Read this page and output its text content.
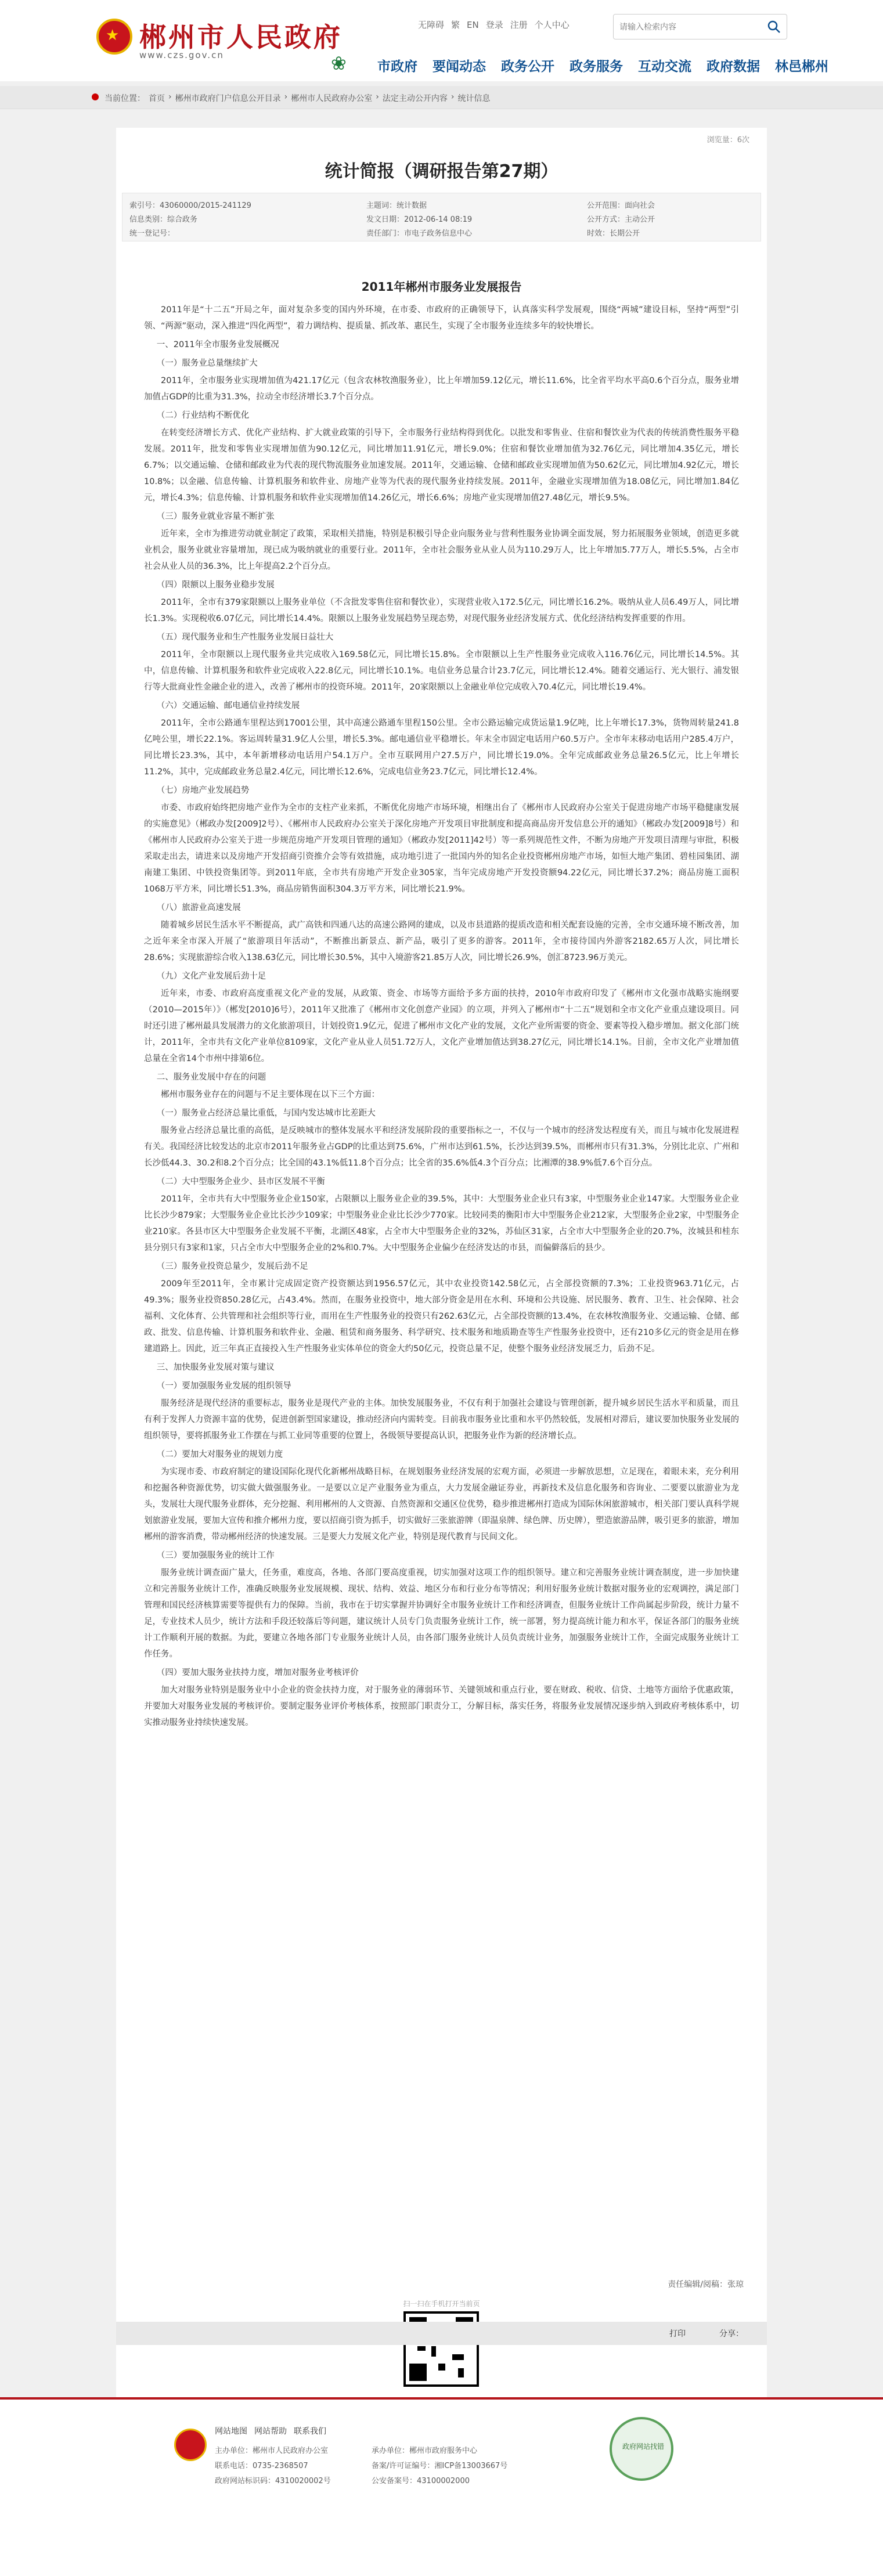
★ 郴州市人民政府
www.czs.gov.cn
无障碍 繁 EN 登录 注册 个人中心
请输入检索内容
❀ 市政府 要闻动态 政务公开 政务服务 互动交流 政府数据 林邑郴州
当前位置： 首页 › 郴州市政府门户信息公开目录 › 郴州市人民政府办公室 › 法定主动公开内容 › 统计信息
浏览量：6次
统计简报（调研报告第27期）
索引号：43060000/2015-241129	主题词：统计数据	公开范围：面向社会
信息类别：综合政务	发文日期：2012-06-14 08:19	公开方式：主动公开
统一登记号：	责任部门：市电子政务信息中心	时效：长期公开
2011年郴州市服务业发展报告

2011年是“十二五”开局之年，面对复杂多变的国内外环境，在市委、市政府的正确领导下，认真落实科学发展观，围绕“两城”建设目标，坚持“两型”引领、“两源”驱动，深入推进“四化两型”，着力调结构、提质量、抓改革、惠民生，实现了全市服务业连续多年的较快增长。

一、2011年全市服务业发展概况

（一）服务业总量继续扩大

2011年，全市服务业实现增加值为421.17亿元（包含农林牧渔服务业），比上年增加59.12亿元，增长11.6%，比全省平均水平高0.6个百分点，服务业增加值占GDP的比重为31.3%，拉动全市经济增长3.7个百分点。

（二）行业结构不断优化

在转变经济增长方式、优化产业结构、扩大就业政策的引导下，全市服务行业结构得到优化。以批发和零售业、住宿和餐饮业为代表的传统消费性服务平稳发展。2011年，批发和零售业实现增加值为90.12亿元，同比增加11.91亿元，增长9.0%；住宿和餐饮业增加值为32.76亿元，同比增加4.35亿元，增长6.7%；以交通运输、仓储和邮政业为代表的现代物流服务业加速发展。2011年，交通运输、仓储和邮政业实现增加值为50.62亿元，同比增加4.92亿元，增长10.8%；以金融、信息传输、计算机服务和软件业、房地产业等为代表的现代服务业持续发展。2011年，金融业实现增加值为18.08亿元，同比增加1.84亿元，增长4.3%；信息传输、计算机服务和软件业实现增加值14.26亿元，增长6.6%；房地产业实现增加值27.48亿元，增长9.5%。

（三）服务业就业容量不断扩张

近年来，全市为推进劳动就业制定了政策，采取相关措施，特别是积极引导企业向服务业与营利性服务业协调全面发展，努力拓展服务业领域，创造更多就业机会，服务业就业容量增加，现已成为吸纳就业的重要行业。2011年，全市社会服务业从业人员为110.29万人，比上年增加5.77万人，增长5.5%，占全市社会从业人员的36.3%，比上年提高2.2个百分点。

（四）限额以上服务业稳步发展

2011年，全市有379家限额以上服务业单位（不含批发零售住宿和餐饮业），实现营业收入172.5亿元，同比增长16.2%。吸纳从业人员6.49万人，同比增长1.3%。实现税收6.07亿元，同比增长14.4%。限额以上服务业发展趋势呈现态势，对现代服务业经济发展方式、优化经济结构发挥重要的作用。

（五）现代服务业和生产性服务业发展日益壮大

2011年，全市限额以上现代服务业共完成收入169.58亿元，同比增长15.8%。全市限额以上生产性服务业完成收入116.76亿元，同比增长14.5%。其中，信息传输、计算机服务和软件业完成收入22.8亿元，同比增长10.1%。电信业务总量合计23.7亿元，同比增长12.4%。随着交通运行、光大银行、浦发银行等大批商业性金融企业的进入，改善了郴州市的投资环境。2011年，20家限额以上金融业单位完成收入70.4亿元，同比增长19.4%。

（六）交通运输、邮电通信业持续发展

2011年，全市公路通车里程达到17001公里，其中高速公路通车里程150公里。全市公路运输完成货运量1.9亿吨，比上年增长17.3%，货物周转量241.8亿吨公里，增长22.1%。客运周转量31.9亿人公里，增长5.3%。邮电通信业平稳增长。年末全市固定电话用户60.5万户。全市年末移动电话用户285.4万户，同比增长23.3%，其中，本年新增移动电话用户54.1万户。全市互联网用户27.5万户，同比增长19.0%。全年完成邮政业务总量26.5亿元，比上年增长11.2%，其中，完成邮政业务总量2.4亿元，同比增长12.6%，完成电信业务23.7亿元，同比增长12.4%。

（七）房地产业发展趋势

市委、市政府始终把房地产业作为全市的支柱产业来抓，不断优化房地产市场环境，相继出台了《郴州市人民政府办公室关于促进房地产市场平稳健康发展的实施意见》（郴政办发[2009]2号）、《郴州市人民政府办公室关于深化房地产开发项目审批制度和提高商品房开发信息公开的通知》（郴政办发[2009]8号）和《郴州市人民政府办公室关于进一步规范房地产开发项目管理的通知》（郴政办发[2011]42号）等一系列规范性文件，不断为房地产开发项目清理与审批，积极采取走出去，请进来以及房地产开发招商引资推介会等有效措施，成功地引进了一批国内外的知名企业投资郴州房地产市场，如恒大地产集团、碧桂园集团、湖南建工集团、中铁投资集团等。到2011年底，全市共有房地产开发企业305家，当年完成房地产开发投资额94.22亿元，同比增长37.2%；商品房施工面积1068万平方米，同比增长51.3%，商品房销售面积304.3万平方米，同比增长21.9%。

（八）旅游业高速发展

随着城乡居民生活水平不断提高，武广高铁和四通八达的高速公路网的建成，以及市县道路的提质改造和相关配套设施的完善，全市交通环境不断改善，加之近年来全市深入开展了“旅游项目年活动”，不断推出新景点、新产品，吸引了更多的游客。2011年，全市接待国内外游客2182.65万人次，同比增长28.6%；实现旅游综合收入138.63亿元，同比增长30.5%，其中入境游客21.85万人次，同比增长26.9%，创汇8723.96万美元。

（九）文化产业发展后劲十足

近年来，市委、市政府高度重视文化产业的发展，从政策、资金、市场等方面给予多方面的扶持，2010年市政府印发了《郴州市文化强市战略实施纲要（2010—2015年）》（郴发[2010]6号），2011年又批准了《郴州市文化创意产业园》的立项，并列入了郴州市“十二五”规划和全市文化产业重点建设项目。同时还引进了郴州最具发展潜力的文化旅游项目，计划投资1.9亿元，促进了郴州市文化产业的发展，文化产业所需要的资金、要素等投入稳步增加。据文化部门统计，2011年，全市共有文化产业单位8109家，文化产业从业人员51.72万人，文化产业增加值达到38.27亿元，同比增长14.1%。目前，全市文化产业增加值总量在全省14个市州中排第6位。

二、服务业发展中存在的问题

郴州市服务业存在的问题与不足主要体现在以下三个方面：

（一）服务业占经济总量比重低，与国内发达城市比差距大

服务业占经济总量比重的高低，是反映城市的整体发展水平和经济发展阶段的重要指标之一，不仅与一个城市的经济发达程度有关，而且与城市化发展进程有关。我国经济比较发达的北京市2011年服务业占GDP的比重达到75.6%，广州市达到61.5%，长沙达到39.5%，而郴州市只有31.3%，分别比北京、广州和长沙低44.3、30.2和8.2个百分点；比全国的43.1%低11.8个百分点；比全省的35.6%低4.3个百分点；比湘潭的38.9%低7.6个百分点。

（二）大中型服务企业少、县市区发展不平衡

2011年，全市共有大中型服务业企业150家，占限额以上服务业企业的39.5%，其中：大型服务业企业只有3家，中型服务业企业147家。大型服务业企业比长沙少879家；大型服务业企业比长沙少109家；中型服务业企业比长沙少770家。比较同类的衡阳市大中型服务企业212家，大型服务企业2家，中型服务企业210家。各县市区大中型服务企业发展不平衡，北湖区48家，占全市大中型服务企业的32%，苏仙区31家，占全市大中型服务企业的20.7%，汝城县和桂东县分别只有3家和1家，只占全市大中型服务企业的2%和0.7%。大中型服务企业偏少在经济发达的市县，而偏僻落后的县少。

（三）服务业投资总量少，发展后劲不足

2009年至2011年，全市累计完成固定资产投资额达到1956.57亿元，其中农业投资142.58亿元，占全部投资额的7.3%；工业投资963.71亿元，占49.3%；服务业投资850.28亿元，占43.4%。然而，在服务业投资中，地大部分资金是用在水利、环境和公共设施、居民服务、教育、卫生、社会保障、社会福利、文化体育、公共管理和社会组织等行业，而用在生产性服务业的投资只有262.63亿元，占全部投资额的13.4%，在农林牧渔服务业、交通运输、仓储、邮政、批发、信息传输、计算机服务和软件业、金融、租赁和商务服务、科学研究、技术服务和地质勘查等生产性服务业投资中，还有210多亿元的资金是用在修建道路上。因此，近三年真正直接投入生产性服务业实体单位的资金大约50亿元，投资总量不足，使整个服务业经济发展乏力，后劲不足。

三、加快服务业发展对策与建议

（一）要加强服务业发展的组织领导

服务经济是现代经济的重要标志，服务业是现代产业的主体。加快发展服务业，不仅有利于加强社会建设与管理创新，提升城乡居民生活水平和质量，而且有利于发挥人力资源丰富的优势，促进创新型国家建设，推动经济向内需转变。目前我市服务业比重和水平仍然较低，发展相对滞后，建议要加快服务业发展的组织领导，要将抓服务业工作摆在与抓工业同等重要的位置上，各级领导要提高认识，把服务业作为新的经济增长点。

（二）要加大对服务业的规划力度

为实现市委、市政府制定的建设国际化现代化新郴州战略目标，在规划服务业经济发展的宏观方面，必须进一步解放思想，立足现在，着眼未来，充分利用和挖掘各种资源优势，切实做大做强服务业。一是要以立足产业服务业为重点，大力发展金融证券业，再新技术及信息化服务和咨询业、二要要以旅游业为龙头，发展壮大现代服务业群体，充分挖掘、利用郴州的人文资源、自然资源和交通区位优势，稳步推进郴州打造成为国际休闲旅游城市，相关部门要认真科学规划旅游业发展，要加大宣传和推介郴州力度，要以招商引资为抓手，切实做好三张旅游牌（即温泉牌、绿色牌、历史牌），塑造旅游品牌，吸引更多的旅游，增加郴州的游客消费，带动郴州经济的快速发展。三是要大力发展文化产业，特别是现代教育与民间文化。

（三）要加强服务业的统计工作

服务业统计调查面广量大，任务重，难度高，各地、各部门要高度重视，切实加强对这项工作的组织领导。建立和完善服务业统计调查制度，进一步加快建立和完善服务业统计工作，准确反映服务业发展规模、现状、结构、效益、地区分布和行业分布等情况；利用好服务业统计数据对服务业的宏观调控，满足部门管理和国民经济核算需要等提供有力的保障。当前，我市在于切实掌握并协调好全市服务业统计工作和经济调查，但服务业统计工作尚属起步阶段，统计力量不足，专业技术人员少，统计方法和手段还较落后等问题，建议统计人员专门负责服务业统计工作，统一部署，努力提高统计能力和水平，保证各部门的服务业统计工作顺利开展的数据。为此，要建立各地各部门专业服务业统计人员，由各部门服务业统计人员负责统计业务，加强服务业统计工作，全面完成服务业统计工作任务。

（四）要加大服务业扶持力度，增加对服务业考核评价

加大对服务业特别是服务业中小企业的资金扶持力度，对于服务业的薄弱环节、关键领域和重点行业，要在财政、税收、信贷、土地等方面给予优惠政策，并要加大对服务业发展的考核评价。要制定服务业评价考核体系，按照部门职责分工，分解目标，落实任务，将服务业发展情况逐步纳入到政府考核体系中，切实推动服务业持续快速发展。

责任编辑/阅稿：张琼
扫一扫在手机打开当前页
打印	分享：
网站地图 网站帮助 联系我们
主办单位：郴州市人民政府办公室
联系电话：0735-2368507
政府网站标识码：4310020002号
承办单位：郴州市政府服务中心
备案/许可证编号：湘ICP备13003667号
公安备案号：43100002000
政府网站找错
